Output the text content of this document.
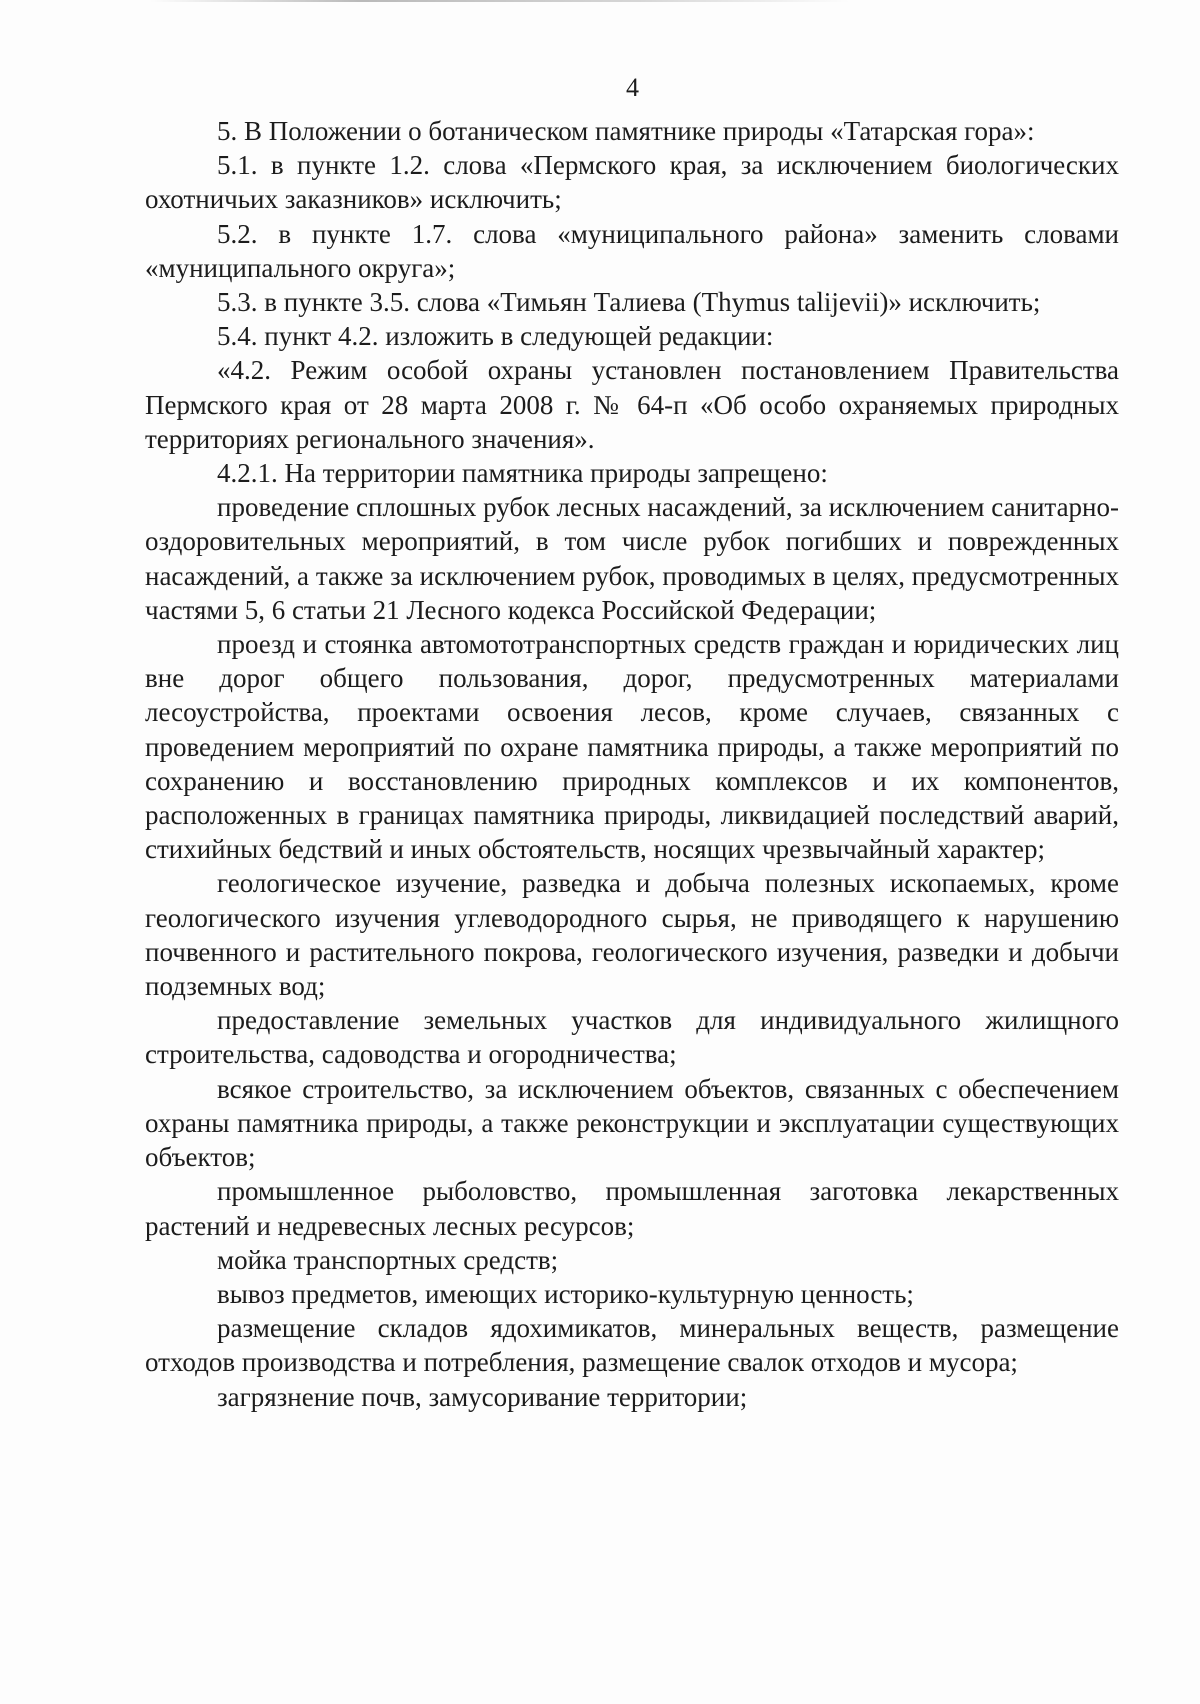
4

5. В Положении о ботаническом памятнике природы «Татарская гора»:

5.1. в пункте 1.2. слова «Пермского края, за исключением биологических охотничьих заказников» исключить;

5.2. в пункте 1.7. слова «муниципального района» заменить словами «муниципального округа»;

5.3. в пункте 3.5. слова «Тимьян Талиева (Thymus talijevii)» исключить;

5.4. пункт 4.2. изложить в следующей редакции:

«4.2. Режим особой охраны установлен постановлением Правительства Пермского края от 28 марта 2008 г. № 64-п «Об особо охраняемых природных территориях регионального значения».

4.2.1. На территории памятника природы запрещено:

проведение сплошных рубок лесных насаждений, за исключением санитарно-оздоровительных мероприятий, в том числе рубок погибших и поврежденных насаждений, а также за исключением рубок, проводимых в целях, предусмотренных частями 5, 6 статьи 21 Лесного кодекса Российской Федерации;

проезд и стоянка автомототранспортных средств граждан и юридических лиц вне дорог общего пользования, дорог, предусмотренных материалами лесоустройства, проектами освоения лесов, кроме случаев, связанных с проведением мероприятий по охране памятника природы, а также мероприятий по сохранению и восстановлению природных комплексов и их компонентов, расположенных в границах памятника природы, ликвидацией последствий аварий, стихийных бедствий и иных обстоятельств, носящих чрезвычайный характер;

геологическое изучение, разведка и добыча полезных ископаемых, кроме геологического изучения углеводородного сырья, не приводящего к нарушению почвенного и растительного покрова, геологического изучения, разведки и добычи подземных вод;

предоставление земельных участков для индивидуального жилищного строительства, садоводства и огородничества;

всякое строительство, за исключением объектов, связанных с обеспечением охраны памятника природы, а также реконструкции и эксплуатации существующих объектов;

промышленное рыболовство, промышленная заготовка лекарственных растений и недревесных лесных ресурсов;

мойка транспортных средств;

вывоз предметов, имеющих историко-культурную ценность;

размещение складов ядохимикатов, минеральных веществ, размещение отходов производства и потребления, размещение свалок отходов и мусора;

загрязнение почв, замусоривание территории;
